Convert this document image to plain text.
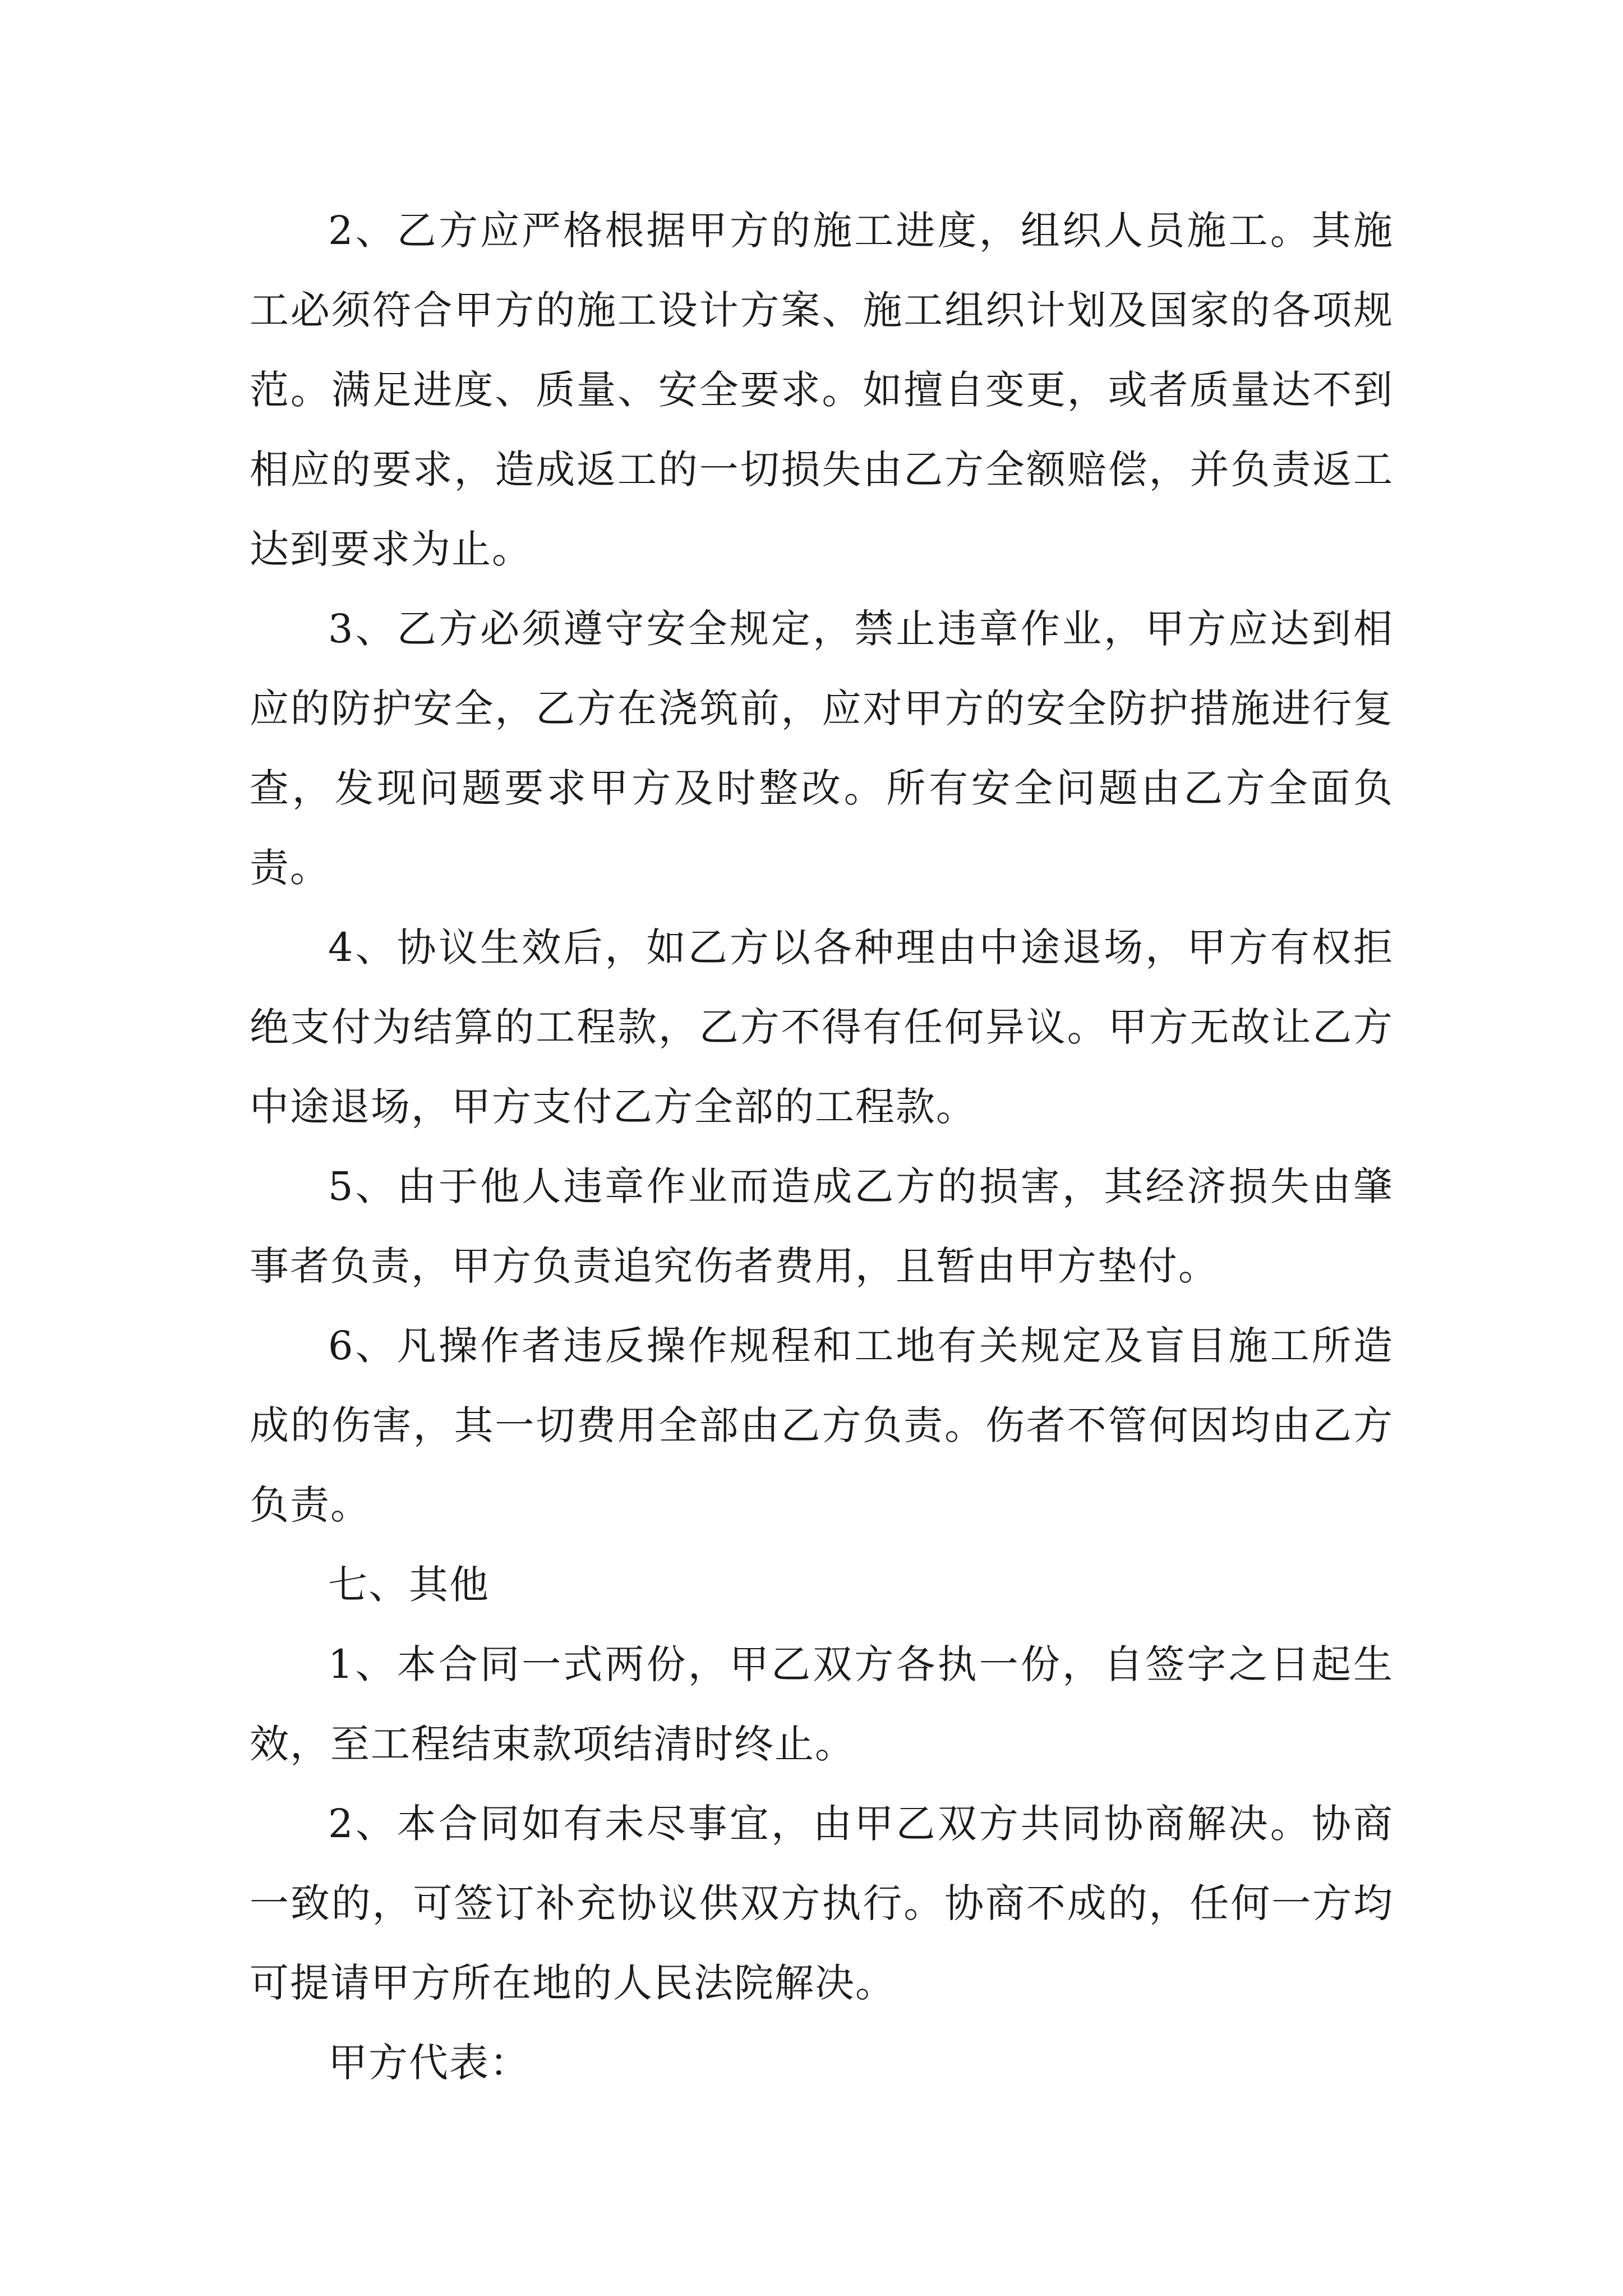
2、乙方应严格根据甲方的施工进度，组织人员施工。其施工必须符合甲方的施工设计方案、施工组织计划及国家的各项规范。满足进度、质量、安全要求。如擅自变更，或者质量达不到相应的要求，造成返工的一切损失由乙方全额赔偿，并负责返工达到要求为止。

3、乙方必须遵守安全规定，禁止违章作业，甲方应达到相应的防护安全，乙方在浇筑前，应对甲方的安全防护措施进行复查，发现问题要求甲方及时整改。所有安全问题由乙方全面负责。

4、协议生效后，如乙方以各种理由中途退场，甲方有权拒绝支付为结算的工程款，乙方不得有任何异议。甲方无故让乙方中途退场，甲方支付乙方全部的工程款。

5、由于他人违章作业而造成乙方的损害，其经济损失由肇事者负责，甲方负责追究伤者费用，且暂由甲方垫付。

6、凡操作者违反操作规程和工地有关规定及盲目施工所造成的伤害，其一切费用全部由乙方负责。伤者不管何因均由乙方负责。

七、其他

1、本合同一式两份，甲乙双方各执一份，自签字之日起生效，至工程结束款项结清时终止。

2、本合同如有未尽事宜，由甲乙双方共同协商解决。协商一致的，可签订补充协议供双方执行。协商不成的，任何一方均可提请甲方所在地的人民法院解决。

甲方代表：
